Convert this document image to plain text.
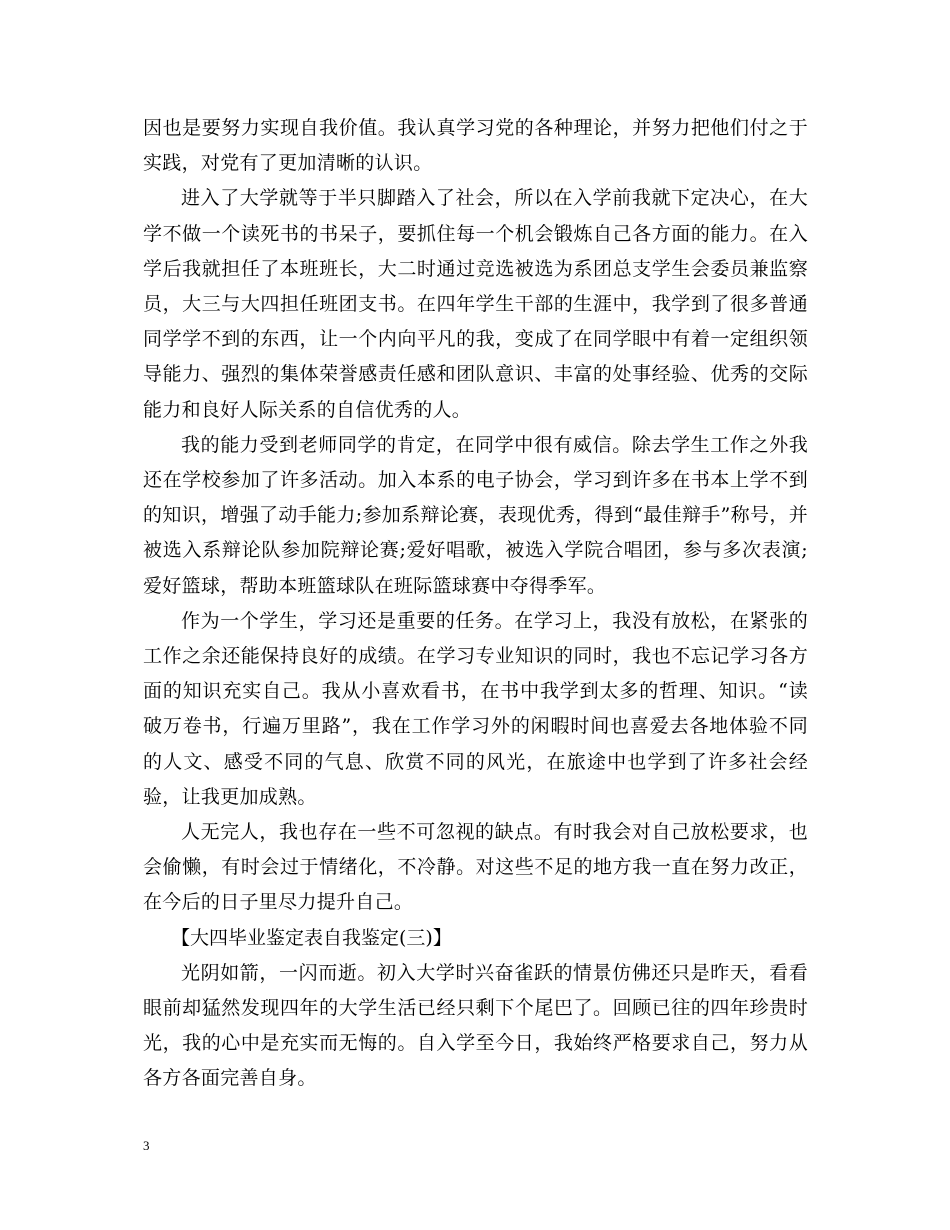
因也是要努力实现自我价值。我认真学习党的各种理论，并努力把他们付之于实践，对党有了更加清晰的认识。

进入了大学就等于半只脚踏入了社会，所以在入学前我就下定决心，在大学不做一个读死书的书呆子，要抓住每一个机会锻炼自己各方面的能力。在入学后我就担任了本班班长，大二时通过竞选被选为系团总支学生会委员兼监察员，大三与大四担任班团支书。在四年学生干部的生涯中，我学到了很多普通同学学不到的东西，让一个内向平凡的我，变成了在同学眼中有着一定组织领导能力、强烈的集体荣誉感责任感和团队意识、丰富的处事经验、优秀的交际能力和良好人际关系的自信优秀的人。

我的能力受到老师同学的肯定，在同学中很有威信。除去学生工作之外我还在学校参加了许多活动。加入本系的电子协会，学习到许多在书本上学不到的知识，增强了动手能力;参加系辩论赛，表现优秀，得到“最佳辩手”称号，并被选入系辩论队参加院辩论赛;爱好唱歌，被选入学院合唱团，参与多次表演;爱好篮球，帮助本班篮球队在班际篮球赛中夺得季军。

作为一个学生，学习还是重要的任务。在学习上，我没有放松，在紧张的工作之余还能保持良好的成绩。在学习专业知识的同时，我也不忘记学习各方面的知识充实自己。我从小喜欢看书，在书中我学到太多的哲理、知识。“读破万卷书，行遍万里路”，我在工作学习外的闲暇时间也喜爱去各地体验不同的人文、感受不同的气息、欣赏不同的风光，在旅途中也学到了许多社会经验，让我更加成熟。

人无完人，我也存在一些不可忽视的缺点。有时我会对自己放松要求，也会偷懒，有时会过于情绪化，不冷静。对这些不足的地方我一直在努力改正，在今后的日子里尽力提升自己。

【大四毕业鉴定表自我鉴定(三)】

光阴如箭，一闪而逝。初入大学时兴奋雀跃的情景仿佛还只是昨天，看看眼前却猛然发现四年的大学生活已经只剩下个尾巴了。回顾已往的四年珍贵时光，我的心中是充实而无悔的。自入学至今日，我始终严格要求自己，努力从各方各面完善自身。

3
